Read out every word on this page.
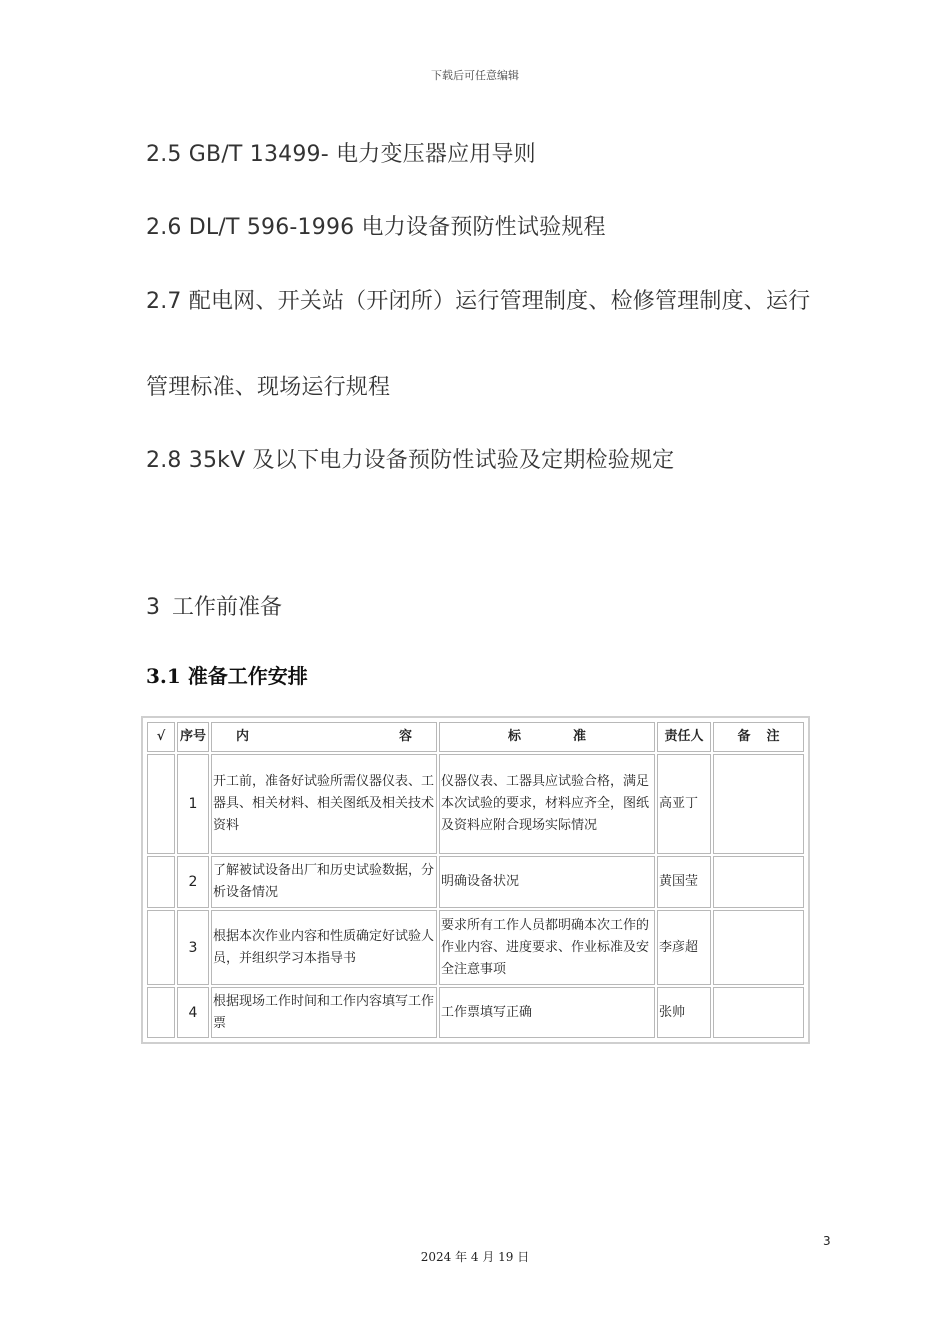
下载后可任意编辑
2.5 GB/T 13499- 电力变压器应用导则
2.6 DL/T 596-1996 电力设备预防性试验规程
2.7 配电网、开关站（开闭所）运行管理制度、检修管理制度、运行
管理标准、现场运行规程
2.8 35kV 及以下电力设备预防性试验及定期检验规定
3 工作前准备
3.1 准备工作安排
√	序号	内 容	标 准	责任人	备 注
	1	开工前，准备好试验所需仪器仪表、工器具、相关材料、相关图纸及相关技术资料	仪器仪表、工器具应试验合格，满足本次试验的要求，材料应齐全，图纸及资料应附合现场实际情况	高亚丁	
	2	了解被试设备出厂和历史试验数据，分析设备情况	明确设备状况	黄国莹	
	3	根据本次作业内容和性质确定好试验人员，并组织学习本指导书	要求所有工作人员都明确本次工作的作业内容、进度要求、作业标准及安全注意事项	李彦超	
	4	根据现场工作时间和工作内容填写工作票	工作票填写正确	张帅	
3
2024 年 4 月 19 日
